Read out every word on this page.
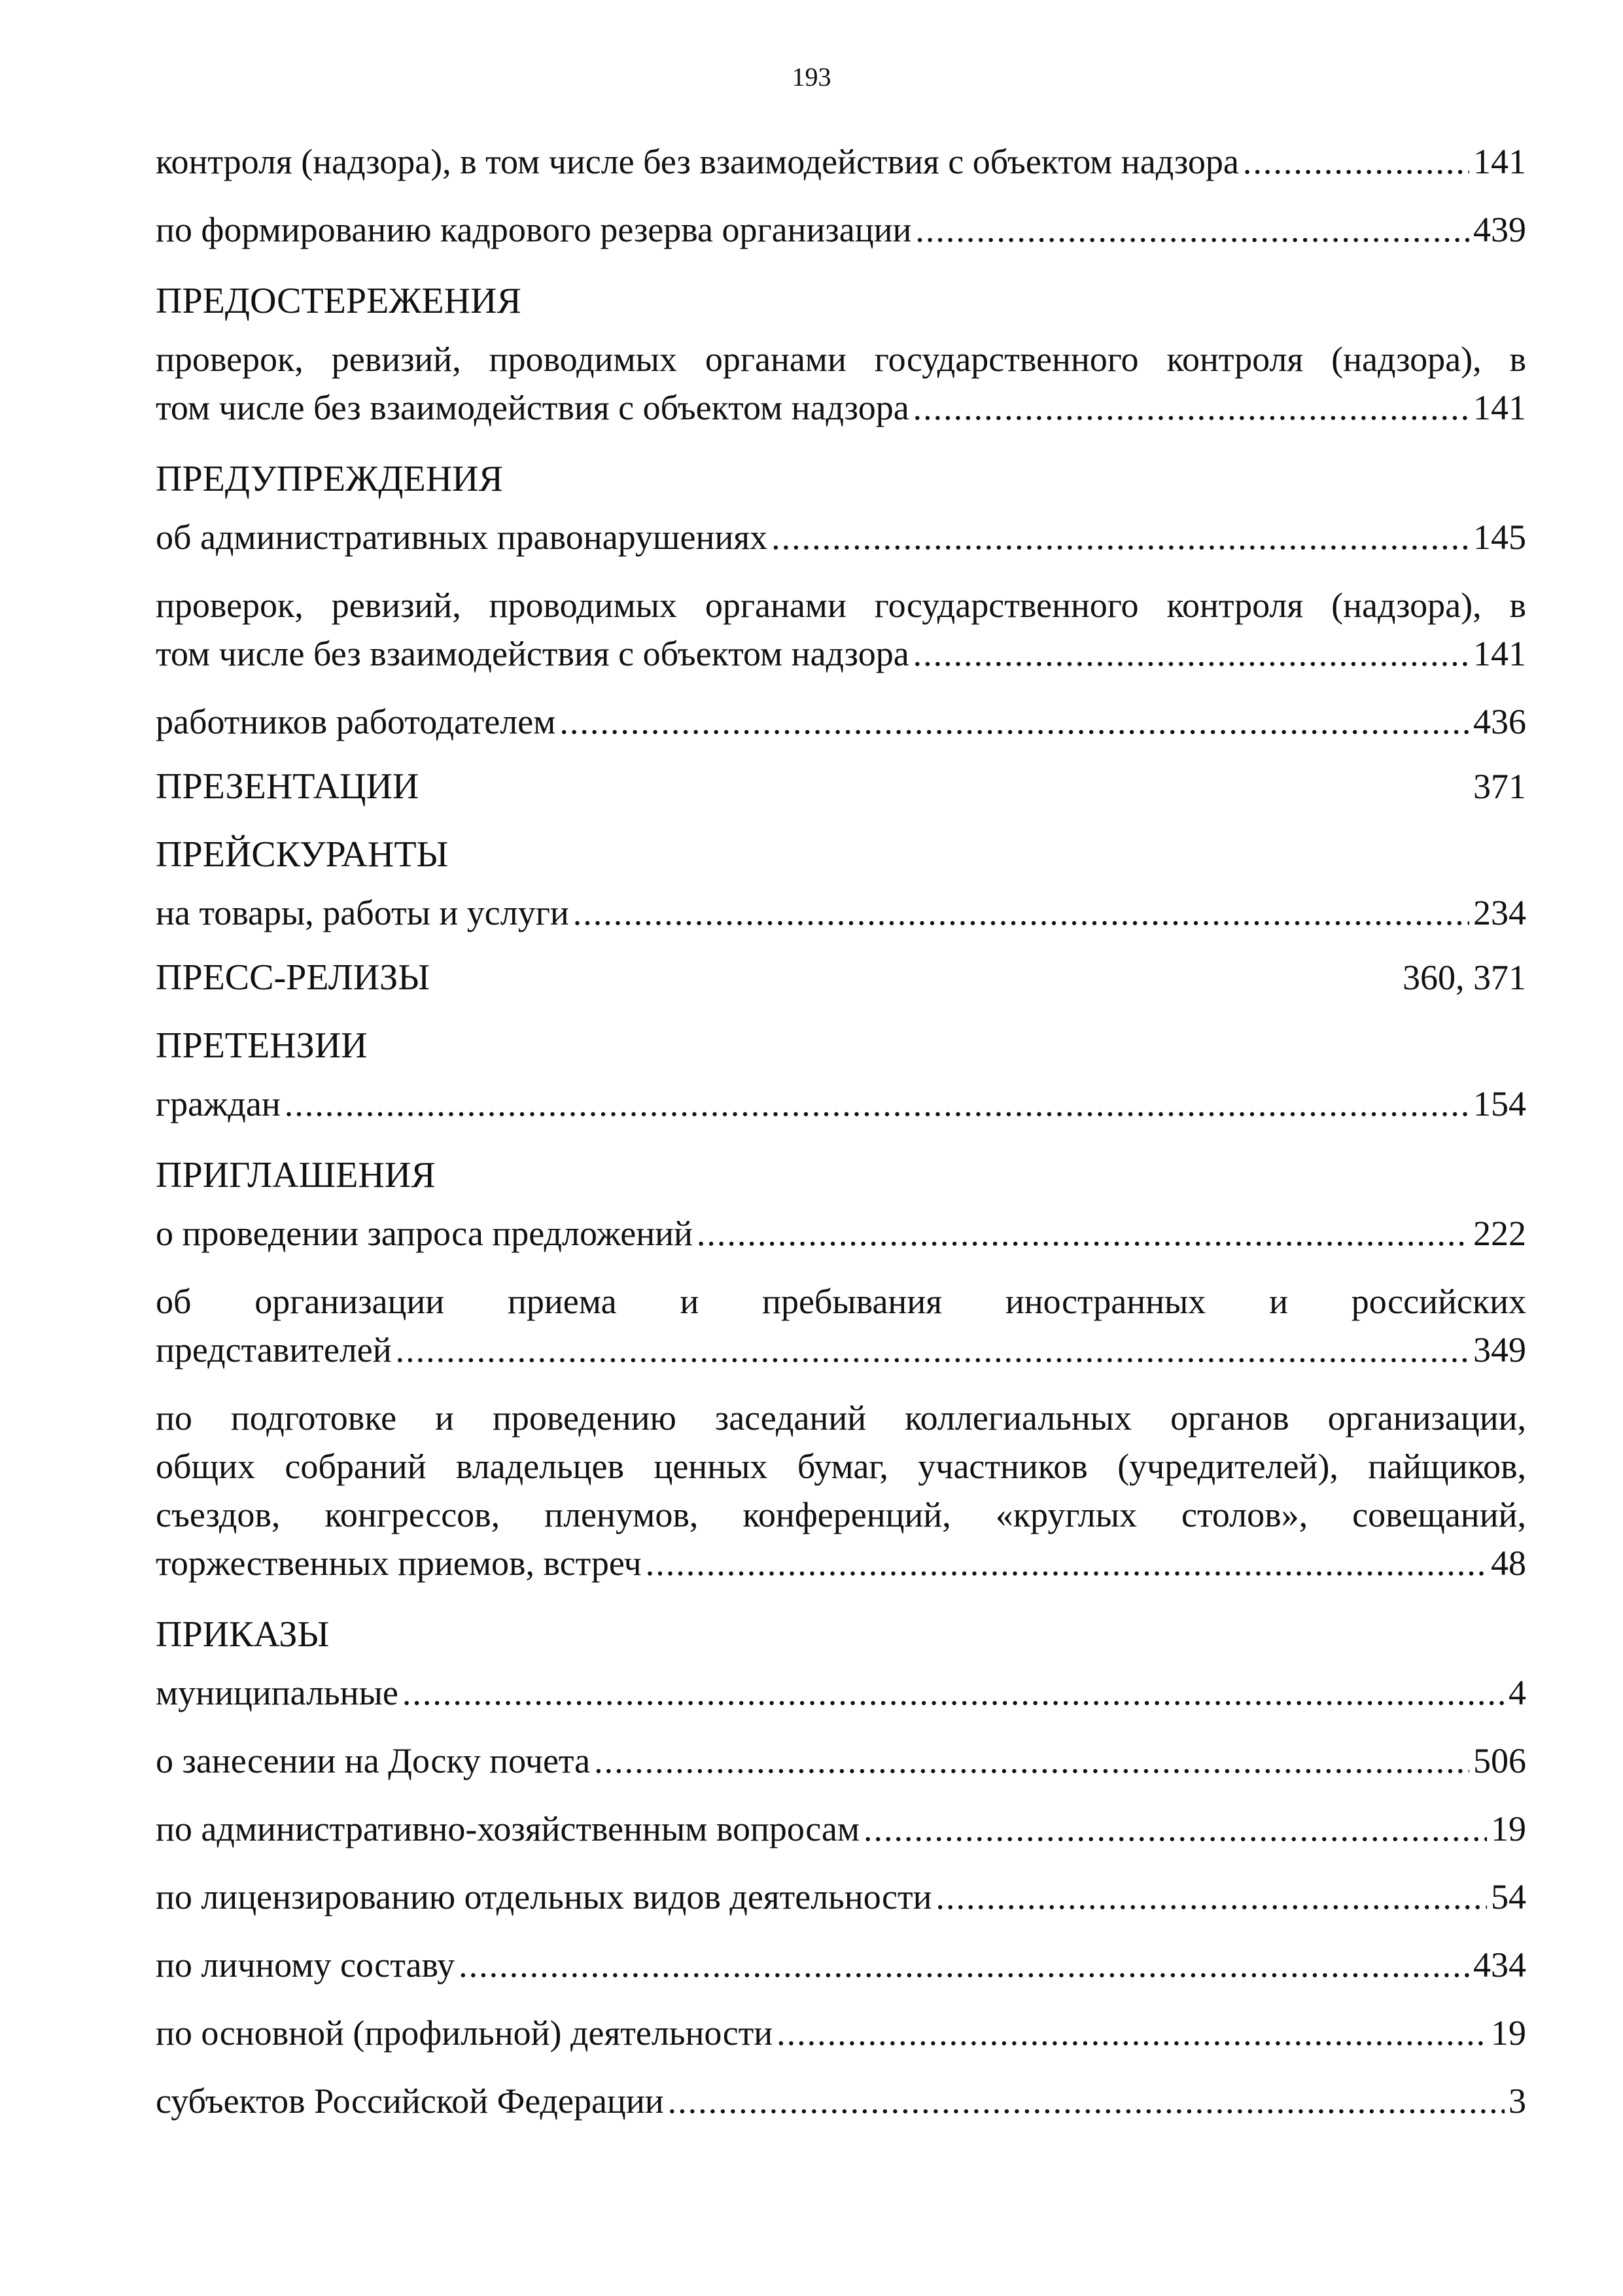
193
контроля (надзора), в том числе без взаимодействия с объектом надзора .....	141
по формированию кадрового резерва организации .....	439
ПРЕДОСТЕРЕЖЕНИЯ
проверок, ревизий, проводимых органами государственного контроля (надзора), в
том числе без взаимодействия с объектом надзора .....	141
ПРЕДУПРЕЖДЕНИЯ
об административных правонарушениях .....	145
проверок, ревизий, проводимых органами государственного контроля (надзора), в
том числе без взаимодействия с объектом надзора .....	141
работников работодателем .....	436
ПРЕЗЕНТАЦИИ	371
ПРЕЙСКУРАНТЫ
на товары, работы и услуги .....	234
ПРЕСС-РЕЛИЗЫ	360, 371
ПРЕТЕНЗИИ
граждан .....	154
ПРИГЛАШЕНИЯ
о проведении запроса предложений .....	222
об организации приема и пребывания иностранных и российских
представителей .....	349
по подготовке и проведению заседаний коллегиальных органов организации,
общих собраний владельцев ценных бумаг, участников (учредителей), пайщиков,
съездов, конгрессов, пленумов, конференций, «круглых столов», совещаний,
торжественных приемов, встреч .....	48
ПРИКАЗЫ
муниципальные .....	4
о занесении на Доску почета .....	506
по административно-хозяйственным вопросам .....	19
по лицензированию отдельных видов деятельности .....	54
по личному составу .....	434
по основной (профильной) деятельности .....	19
субъектов Российской Федерации .....	3
